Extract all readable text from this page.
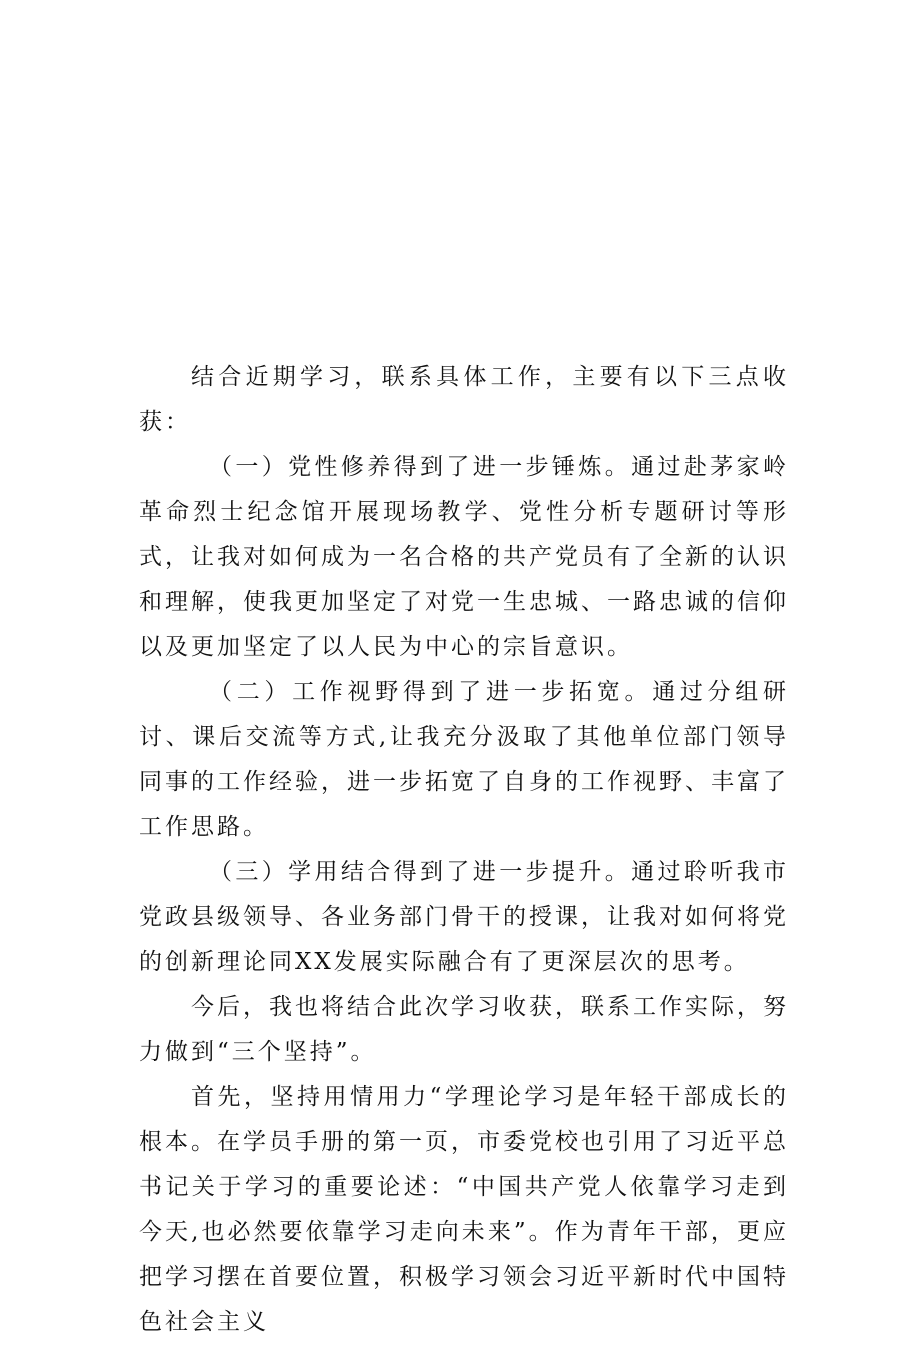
结合近期学习，联系具体工作，主要有以下三点收获：

（一）党性修养得到了进一步锤炼。通过赴茅家岭革命烈士纪念馆开展现场教学、党性分析专题研讨等形式，让我对如何成为一名合格的共产党员有了全新的认识和理解，使我更加坚定了对党一生忠城、一路忠诚的信仰以及更加坚定了以人民为中心的宗旨意识。

（二）工作视野得到了进一步拓宽。通过分组研讨、课后交流等方式,让我充分汲取了其他单位部门领导同事的工作经验，进一步拓宽了自身的工作视野、丰富了工作思路。

（三）学用结合得到了进一步提升。通过聆听我市党政县级领导、各业务部门骨干的授课，让我对如何将党的创新理论同XX发展实际融合有了更深层次的思考。

今后，我也将结合此次学习收获，联系工作实际，努力做到“三个坚持”。

首先，坚持用情用力“学理论学习是年轻干部成长的根本。在学员手册的第一页，市委党校也引用了习近平总书记关于学习的重要论述：“中国共产党人依靠学习走到今天,也必然要依靠学习走向未来”。作为青年干部，更应把学习摆在首要位置，积极学习领会习近平新时代中国特色社会主义
